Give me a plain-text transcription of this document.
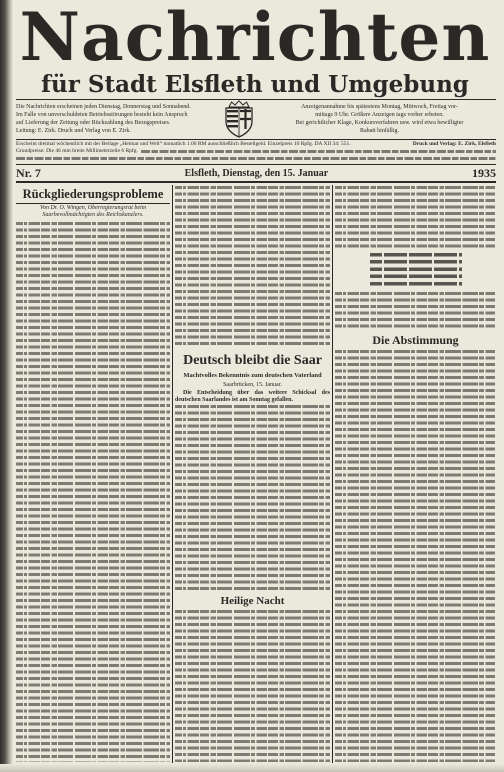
Nachrichten
für Stadt Elsfleth und Umgebung
Die Nachrichten erscheinen jeden Dienstag, Donnerstag und Sonnabend.
Im Falle von unverschuldeten Betriebsstörungen besteht kein Anspruch
auf Lieferung der Zeitung oder Rückzahlung des Bezugspreises.
Leitung: E. Zirk. Druck und Verlag von E. Zirk.
Anzeigenannahme bis spätestens Montag, Mittwoch, Freitag vor-
mittags 9 Uhr. Größere Anzeigen tags vorher erbeten.
Bei gerichtlicher Klage, Konkursverfahren usw. wird etwa bewilligter
Rabatt hinfällig.
Erscheint dreimal wöchentlich mit der Beilage „Heimat und Welt“ monatlich 1.00 RM ausschließlich Bestellgeld. Einzelpreis 10 Rpfg. DA XII 34: 551.	Druck und Verlag: E. Zirk, Elsfleth
Grundpreise: Die 46 mm breite Millimeterzeile 6 Rpfg.
Nr. 7	Elsfleth, Dienstag, den 15. Januar	1935
Rückgliederungsprobleme
Von Dr. O. Wingen, Oberregierungsrat beim Saarbevollmächtigten des Reichskanzlers.
Deutsch bleibt die Saar
Machtvolles Bekenntnis zum deutschen Vaterland
Saarbrücken, 15. Januar.
Die Entscheidung über das weitere Schicksal des deutschen Saarlandes ist am Sonntag gefallen.
Heilige Nacht
Die Abstimmung
